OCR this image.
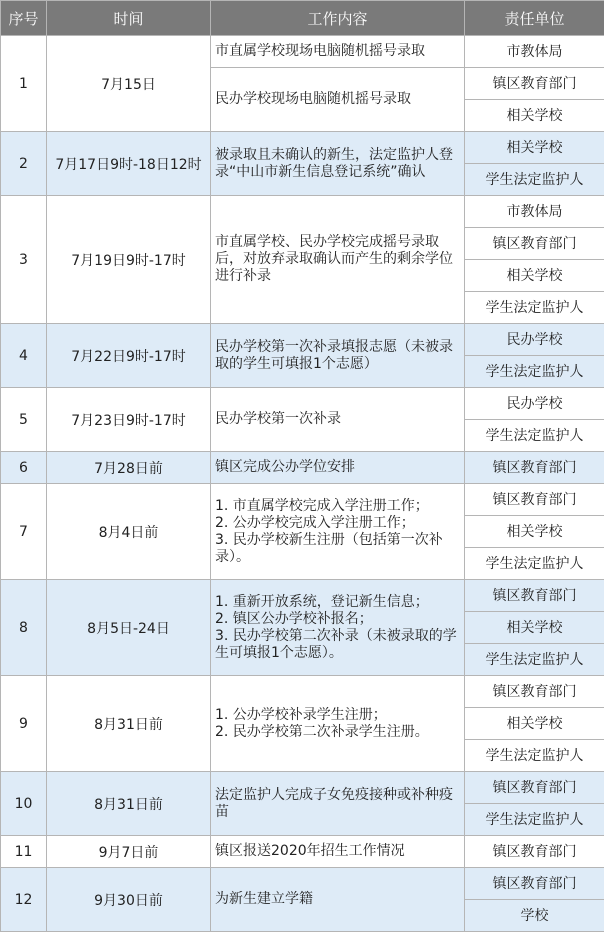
序号	时间	工作内容	责任单位
1	7月15日	市直属学校现场电脑随机摇号录取	市教体局
		民办学校现场电脑随机摇号录取	镇区教育部门
			相关学校
2	7月17日9时-18日12时	被录取且未确认的新生，法定监护人登录“中山市新生信息登记系统”确认	相关学校
			学生法定监护人
3	7月19日9时-17时	市直属学校、民办学校完成摇号录取后，对放弃录取确认而产生的剩余学位进行补录	市教体局
			镇区教育部门
			相关学校
			学生法定监护人
4	7月22日9时-17时	民办学校第一次补录填报志愿（未被录取的学生可填报1个志愿）	民办学校
			学生法定监护人
5	7月23日9时-17时	民办学校第一次补录	民办学校
			学生法定监护人
6	7月28日前	镇区完成公办学位安排	镇区教育部门
7	8月4日前	1. 市直属学校完成入学注册工作；
2. 公办学校完成入学注册工作；
3. 民办学校新生注册（包括第一次补录）。	镇区教育部门
			相关学校
			学生法定监护人
8	8月5日-24日	1. 重新开放系统，登记新生信息；
2. 镇区公办学校补报名；
3. 民办学校第二次补录（未被录取的学生可填报1个志愿）。	镇区教育部门
			相关学校
			学生法定监护人
9	8月31日前	1. 公办学校补录学生注册；
2. 民办学校第二次补录学生注册。	镇区教育部门
			相关学校
			学生法定监护人
10	8月31日前	法定监护人完成子女免疫接种或补种疫苗	镇区教育部门
			学生法定监护人
11	9月7日前	镇区报送2020年招生工作情况	镇区教育部门
12	9月30日前	为新生建立学籍	镇区教育部门
			学校
